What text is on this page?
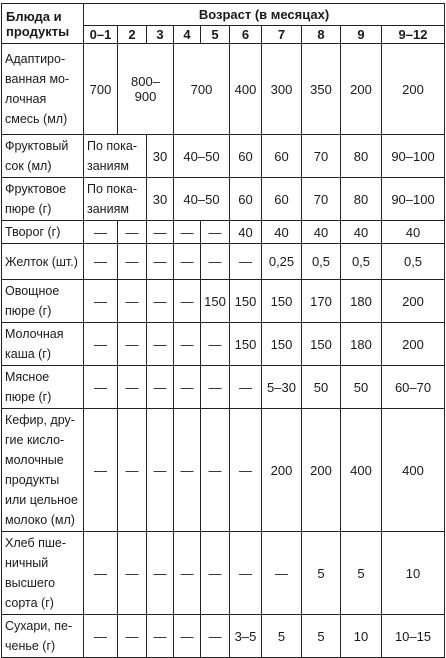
Блюда и продукты	Возраст (в месяцах)									
	0–1	2	3	4	5	6	7	8	9	9–12
Адаптиро-ванная мо-лочная смесь (мл)	700	800–900		700		400	300	350	200	200
Фруктовый сок (мл)	По пока-заниям		30	40–50		60	60	70	80	90–100
Фруктовое пюре (г)	По пока-заниям		30	40–50		60	60	70	80	90–100
Творог (г)	—	—	—	—	—	40	40	40	40	40
Желток (шт.)	—	—	—	—	—	—	0,25	0,5	0,5	0,5
Овощное пюре (г)	—	—	—	—	150	150	150	170	180	200
Молочная каша (г)	—	—	—	—	—	150	150	150	180	200
Мясное пюре (г)	—	—	—	—	—	—	5–30	50	50	60–70
Кефир, дру-гие кисло-молочные продукты или цельное молоко (мл)	—	—	—	—	—	—	200	200	400	400
Хлеб пше-ничный высшего сорта (г)	—	—	—	—	—	—	—	5	5	10
Сухари, пе-ченье (г)	—	—	—	—	—	3–5	5	5	10	10–15
